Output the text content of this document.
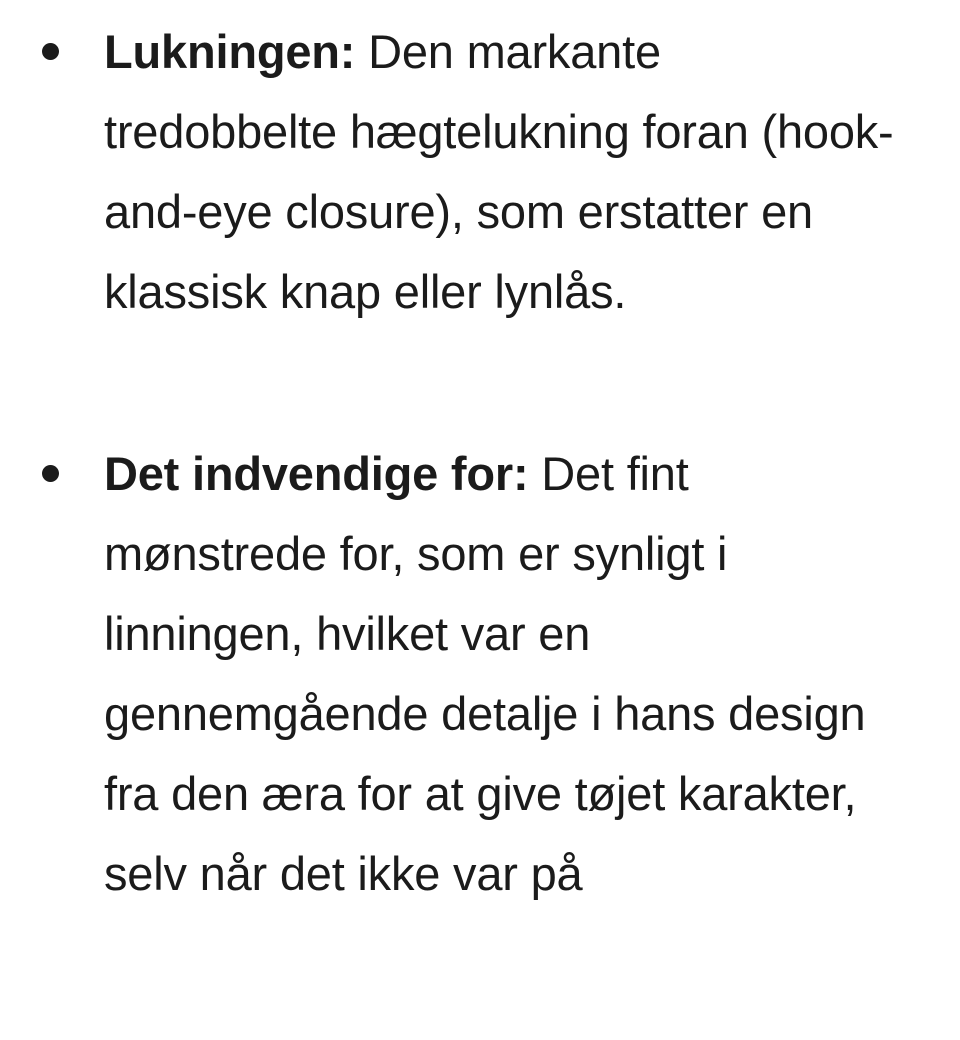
Lukningen: Den markante tredobbelte hægtelukning foran (hook-and-eye closure), som erstatter en klassisk knap eller lynlås.
Det indvendige for: Det fint mønstrede for, som er synligt i linningen, hvilket var en gennemgående detalje i hans design fra den æra for at give tøjet karakter, selv når det ikke var på
